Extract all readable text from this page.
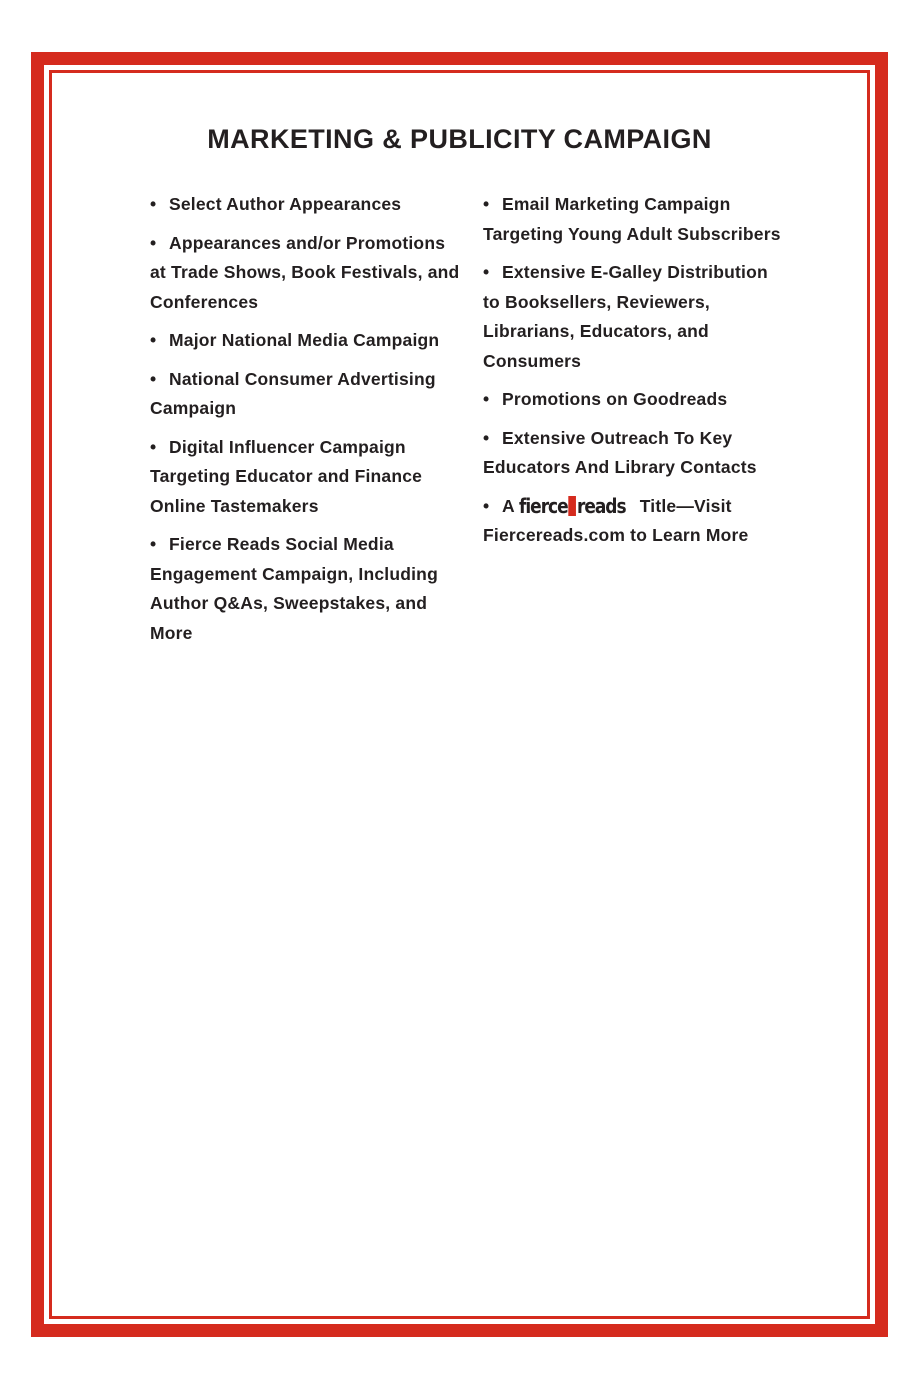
MARKETING & PUBLICITY CAMPAIGN
• Select Author Appearances
• Appearances and/or Promotions at Trade Shows, Book Festivals, and Conferences
• Major National Media Campaign
• National Consumer Advertising Campaign
• Digital Influencer Campaign Targeting Educator and Finance Online Tastemakers
• Fierce Reads Social Media Engagement Campaign, Including Author Q&As, Sweepstakes, and More
• Email Marketing Campaign Targeting Young Adult Subscribers
• Extensive E-Galley Distribution to Booksellers, Reviewers, Librarians, Educators, and Consumers
• Promotions on Goodreads
• Extensive Outreach To Key Educators And Library Contacts
• A fierce reads Title—Visit Fiercereads.com to Learn More
